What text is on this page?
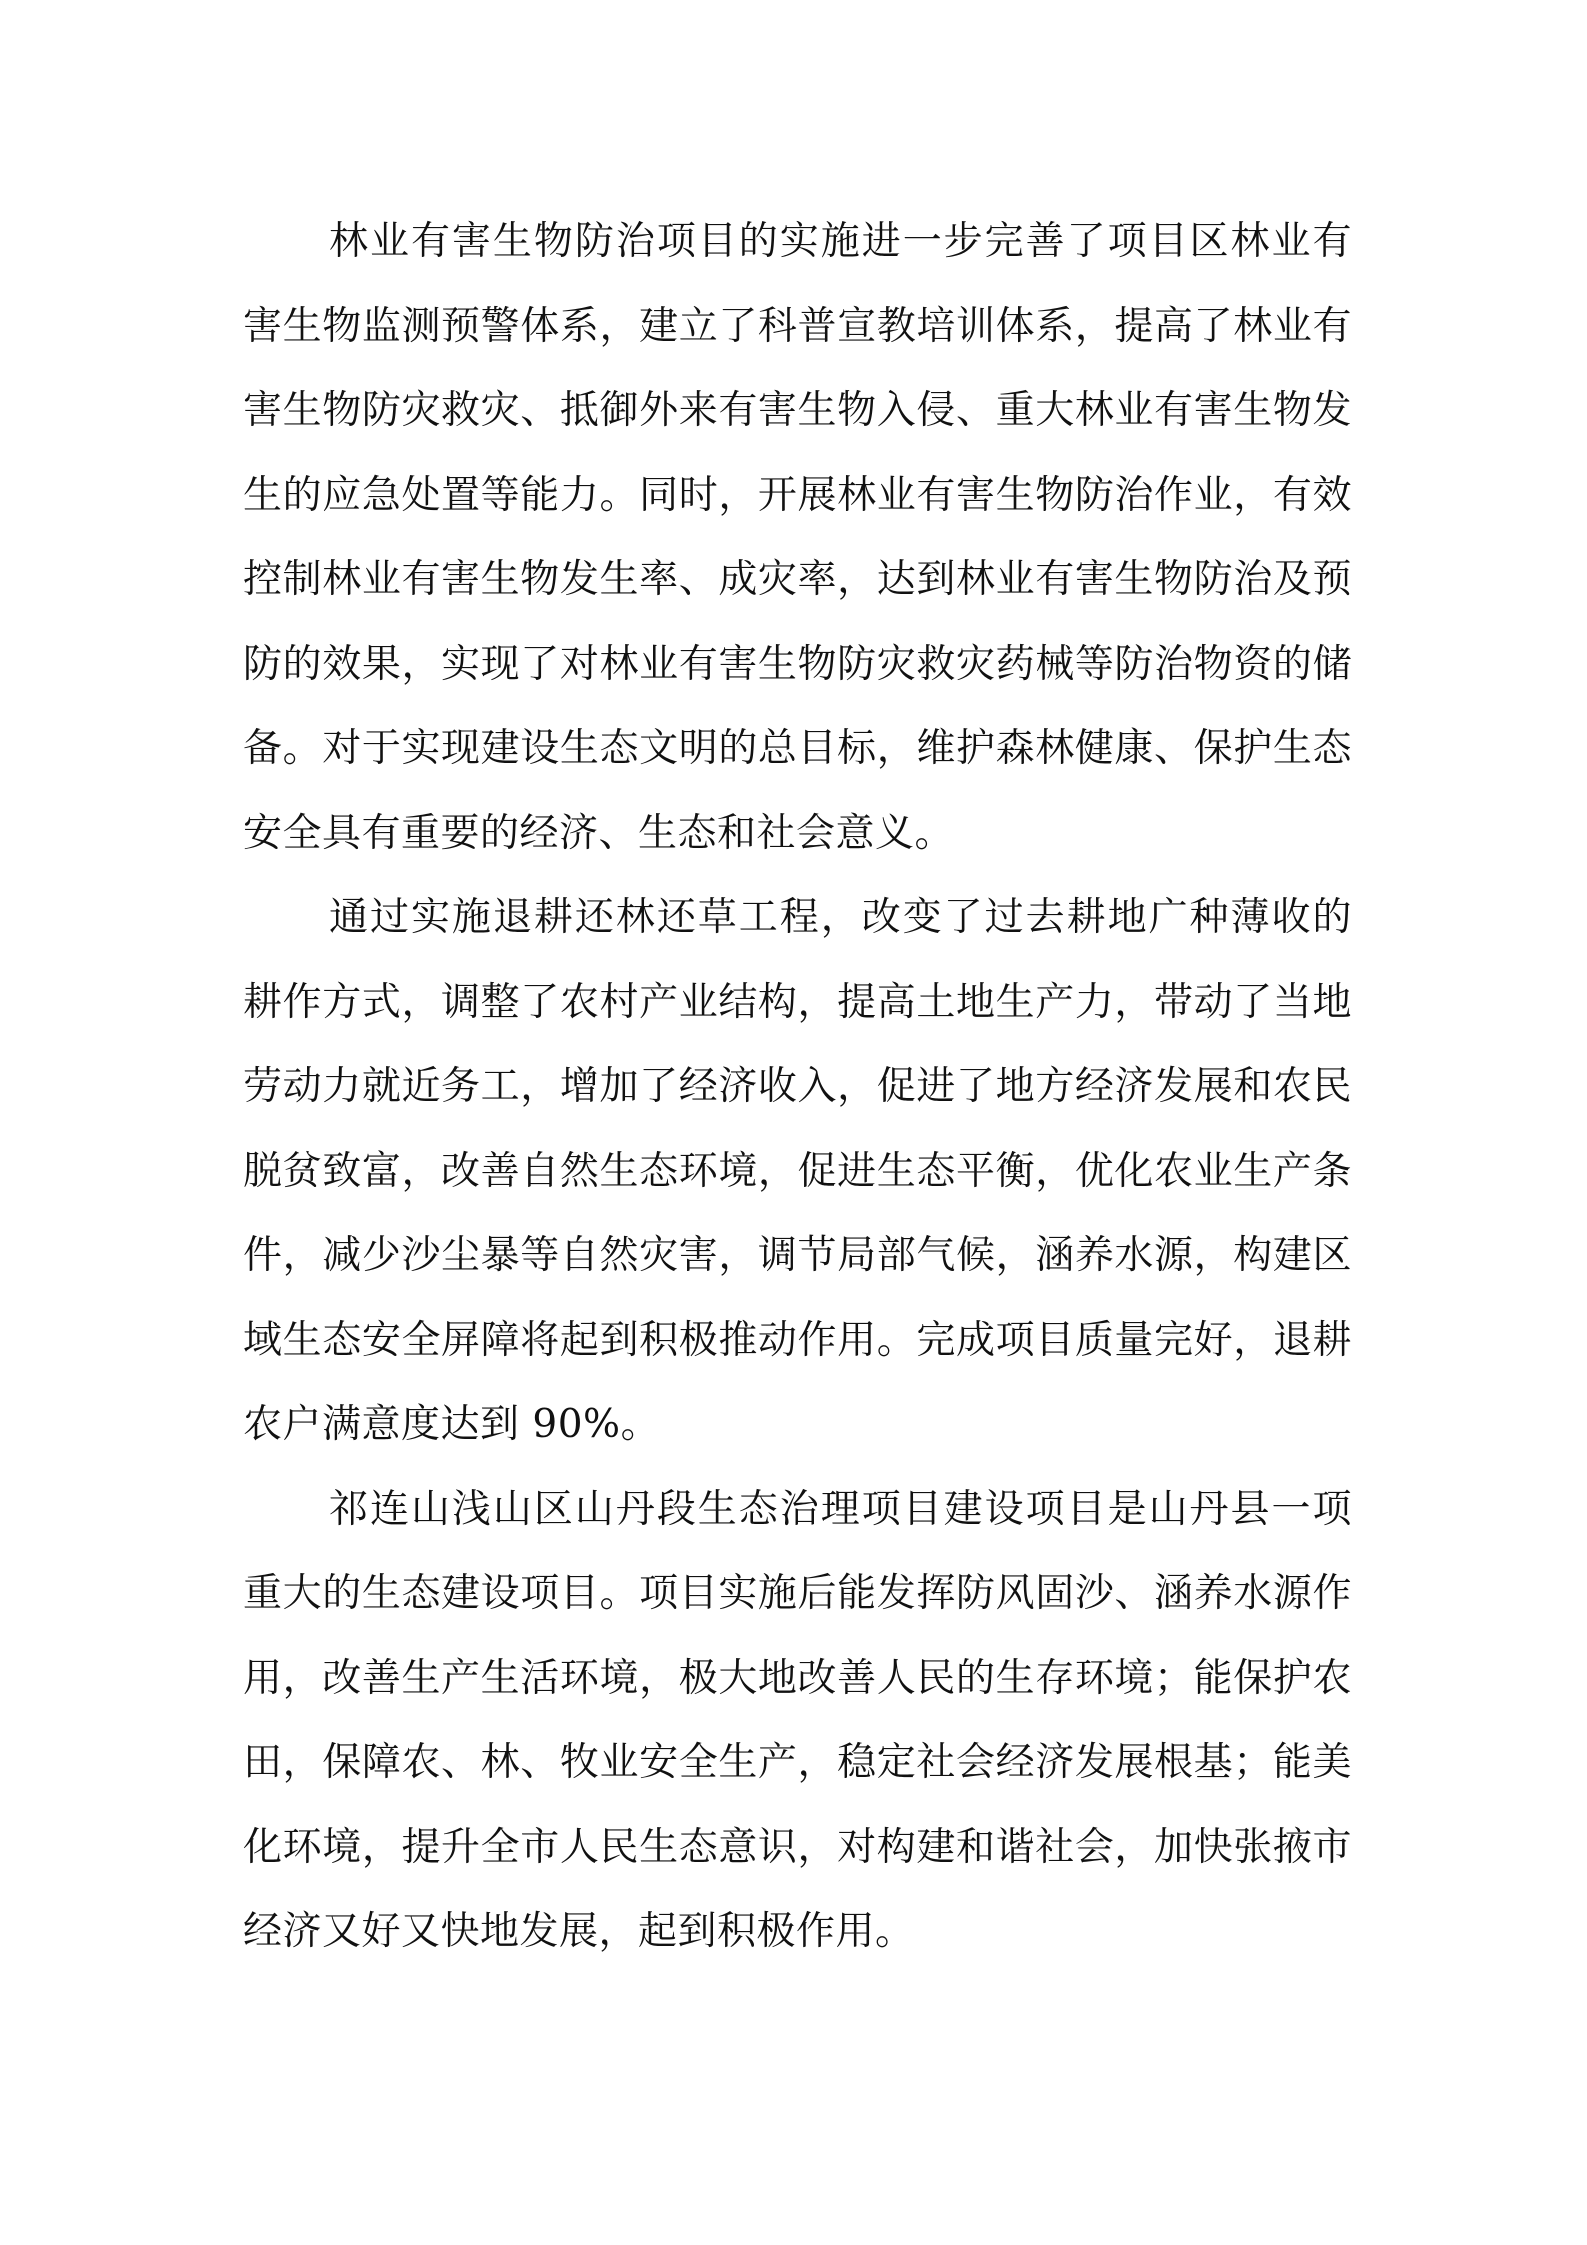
林业有害生物防治项目的实施进一步完善了项目区林业有害生物监测预警体系，建立了科普宣教培训体系，提高了林业有害生物防灾救灾、抵御外来有害生物入侵、重大林业有害生物发生的应急处置等能力。同时，开展林业有害生物防治作业，有效控制林业有害生物发生率、成灾率，达到林业有害生物防治及预防的效果，实现了对林业有害生物防灾救灾药械等防治物资的储备。对于实现建设生态文明的总目标，维护森林健康、保护生态安全具有重要的经济、生态和社会意义。

通过实施退耕还林还草工程，改变了过去耕地广种薄收的耕作方式，调整了农村产业结构，提高土地生产力，带动了当地劳动力就近务工，增加了经济收入，促进了地方经济发展和农民脱贫致富，改善自然生态环境，促进生态平衡，优化农业生产条件，减少沙尘暴等自然灾害，调节局部气候，涵养水源，构建区域生态安全屏障将起到积极推动作用。完成项目质量完好，退耕农户满意度达到 90%。

祁连山浅山区山丹段生态治理项目建设项目是山丹县一项重大的生态建设项目。项目实施后能发挥防风固沙、涵养水源作用，改善生产生活环境，极大地改善人民的生存环境；能保护农田，保障农、林、牧业安全生产，稳定社会经济发展根基；能美化环境，提升全市人民生态意识，对构建和谐社会，加快张掖市经济又好又快地发展，起到积极作用。
